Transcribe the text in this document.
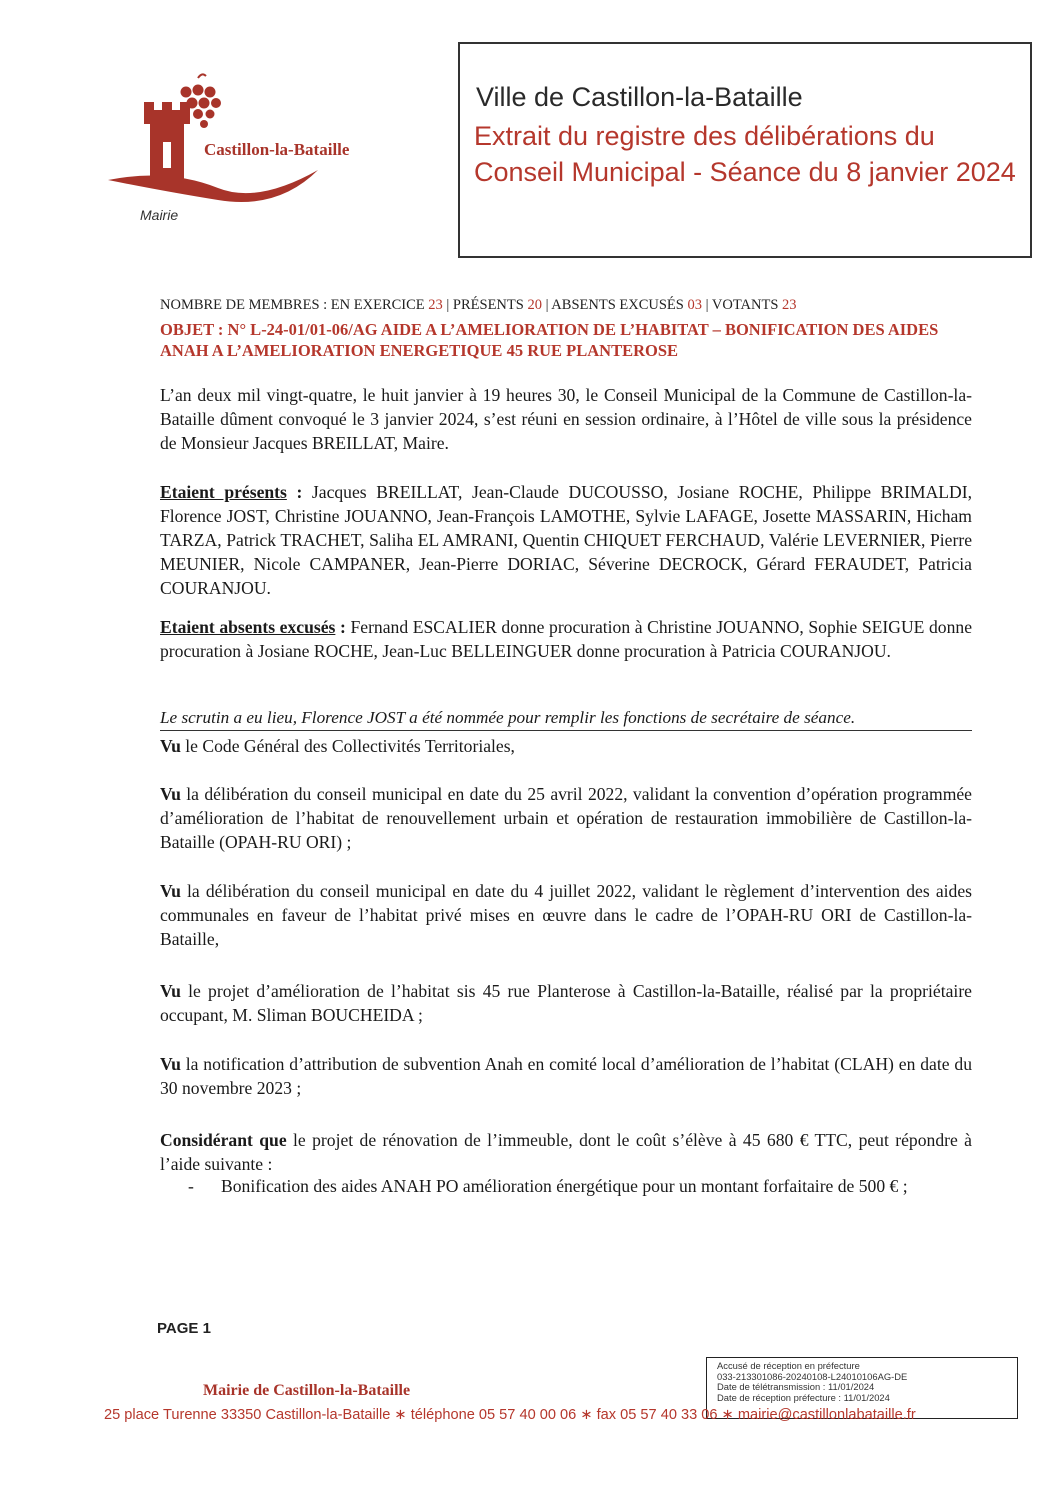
Castillon-la-Bataille
Mairie
Ville de Castillon-la-Bataille
Extrait du registre des délibérations du Conseil Municipal - Séance du 8 janvier 2024
NOMBRE DE MEMBRES : EN EXERCICE 23 | PRÉSENTS 20 | ABSENTS EXCUSÉS 03 | VOTANTS 23
OBJET : N° L-24-01/01-06/AG AIDE A L’AMELIORATION DE L’HABITAT – BONIFICATION DES AIDES ANAH A L’AMELIORATION ENERGETIQUE 45 RUE PLANTEROSE
L’an deux mil vingt-quatre, le huit janvier à 19 heures 30, le Conseil Municipal de la Commune de Castillon-la-Bataille dûment convoqué le 3 janvier 2024, s’est réuni en session ordinaire, à l’Hôtel de ville sous la présidence de Monsieur Jacques BREILLAT, Maire.
Etaient présents : Jacques BREILLAT, Jean-Claude DUCOUSSO, Josiane ROCHE, Philippe BRIMALDI, Florence JOST, Christine JOUANNO, Jean-François LAMOTHE, Sylvie LAFAGE, Josette MASSARIN, Hicham TARZA, Patrick TRACHET, Saliha EL AMRANI, Quentin CHIQUET FERCHAUD, Valérie LEVERNIER, Pierre MEUNIER, Nicole CAMPANER, Jean-Pierre DORIAC, Séverine DECROCK, Gérard FERAUDET, Patricia COURANJOU.
Etaient absents excusés : Fernand ESCALIER donne procuration à Christine JOUANNO, Sophie SEIGUE donne procuration à Josiane ROCHE, Jean-Luc BELLEINGUER donne procuration à Patricia COURANJOU.
Le scrutin a eu lieu, Florence JOST a été nommée pour remplir les fonctions de secrétaire de séance.
Vu le Code Général des Collectivités Territoriales,
Vu la délibération du conseil municipal en date du 25 avril 2022, validant la convention d’opération programmée d’amélioration de l’habitat de renouvellement urbain et opération de restauration immobilière de Castillon-la-Bataille (OPAH-RU ORI) ;
Vu la délibération du conseil municipal en date du 4 juillet 2022, validant le règlement d’intervention des aides communales en faveur de l’habitat privé mises en œuvre dans le cadre de l’OPAH-RU ORI de Castillon-la-Bataille,
Vu le projet d’amélioration de l’habitat sis 45 rue Planterose à Castillon-la-Bataille, réalisé par la propriétaire occupant, M. Sliman BOUCHEIDA ;
Vu la notification d’attribution de subvention Anah en comité local d’amélioration de l’habitat (CLAH) en date du 30 novembre 2023 ;
Considérant que le projet de rénovation de l’immeuble, dont le coût s’élève à 45 680 € TTC, peut répondre à l’aide suivante :
- Bonification des aides ANAH PO amélioration énergétique pour un montant forfaitaire de 500 € ;
PAGE 1
Accusé de réception en préfecture
033-213301086-20240108-L24010106AG-DE
Date de télétransmission : 11/01/2024
Date de réception préfecture : 11/01/2024
Mairie de Castillon-la-Bataille
25 place Turenne 33350 Castillon-la-Bataille ∗ téléphone 05 57 40 00 06 ∗ fax 05 57 40 33 06 ∗ mairie@castillonlabataille.fr
